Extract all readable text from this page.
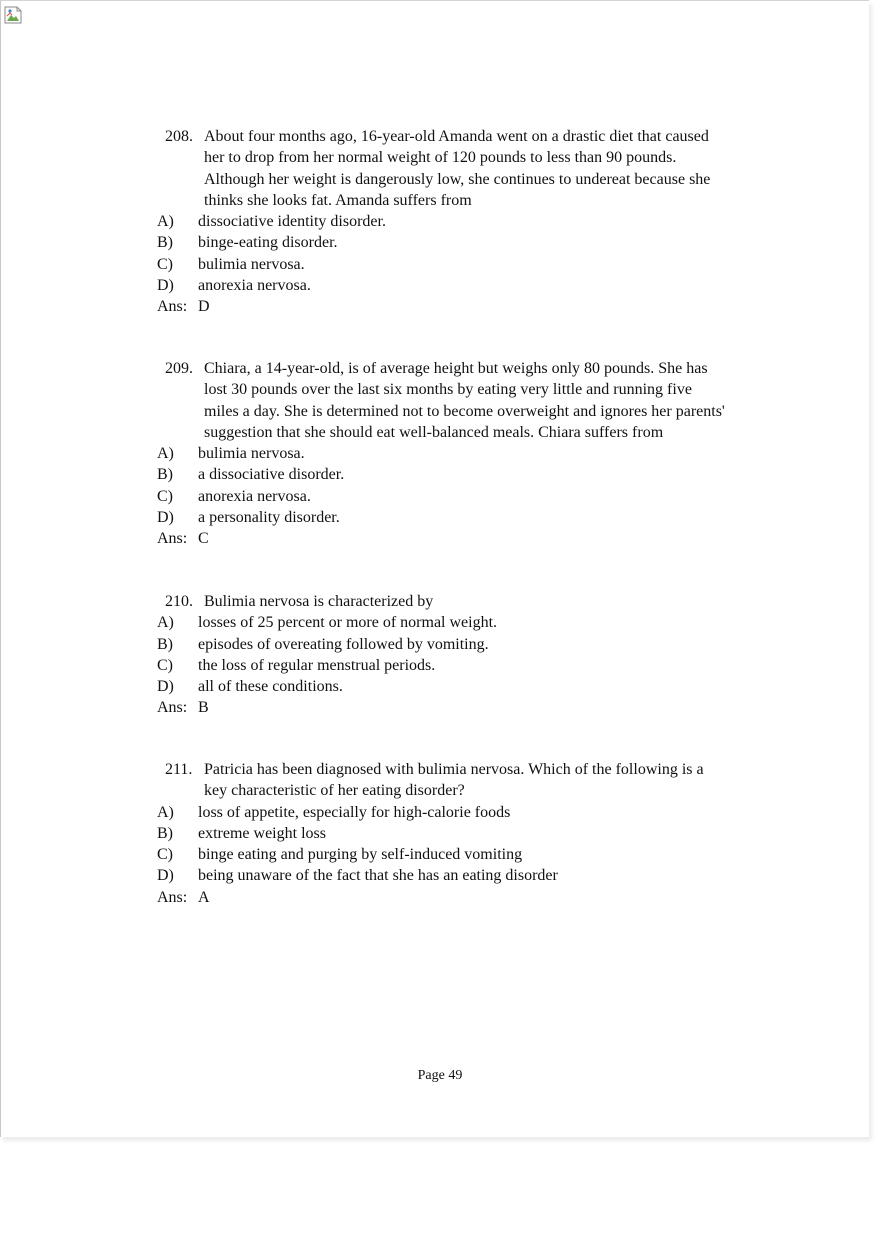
208. About four months ago, 16-year-old Amanda went on a drastic diet that caused
her to drop from her normal weight of 120 pounds to less than 90 pounds.
Although her weight is dangerously low, she continues to undereat because she
thinks she looks fat. Amanda suffers from
A) dissociative identity disorder.
B) binge-eating disorder.
C) bulimia nervosa.
D) anorexia nervosa.
Ans: D
209. Chiara, a 14-year-old, is of average height but weighs only 80 pounds. She has
lost 30 pounds over the last six months by eating very little and running five
miles a day. She is determined not to become overweight and ignores her parents'
suggestion that she should eat well-balanced meals. Chiara suffers from
A) bulimia nervosa.
B) a dissociative disorder.
C) anorexia nervosa.
D) a personality disorder.
Ans: C
210. Bulimia nervosa is characterized by
A) losses of 25 percent or more of normal weight.
B) episodes of overeating followed by vomiting.
C) the loss of regular menstrual periods.
D) all of these conditions.
Ans: B
211. Patricia has been diagnosed with bulimia nervosa. Which of the following is a
key characteristic of her eating disorder?
A) loss of appetite, especially for high-calorie foods
B) extreme weight loss
C) binge eating and purging by self-induced vomiting
D) being unaware of the fact that she has an eating disorder
Ans: A
Page 49
